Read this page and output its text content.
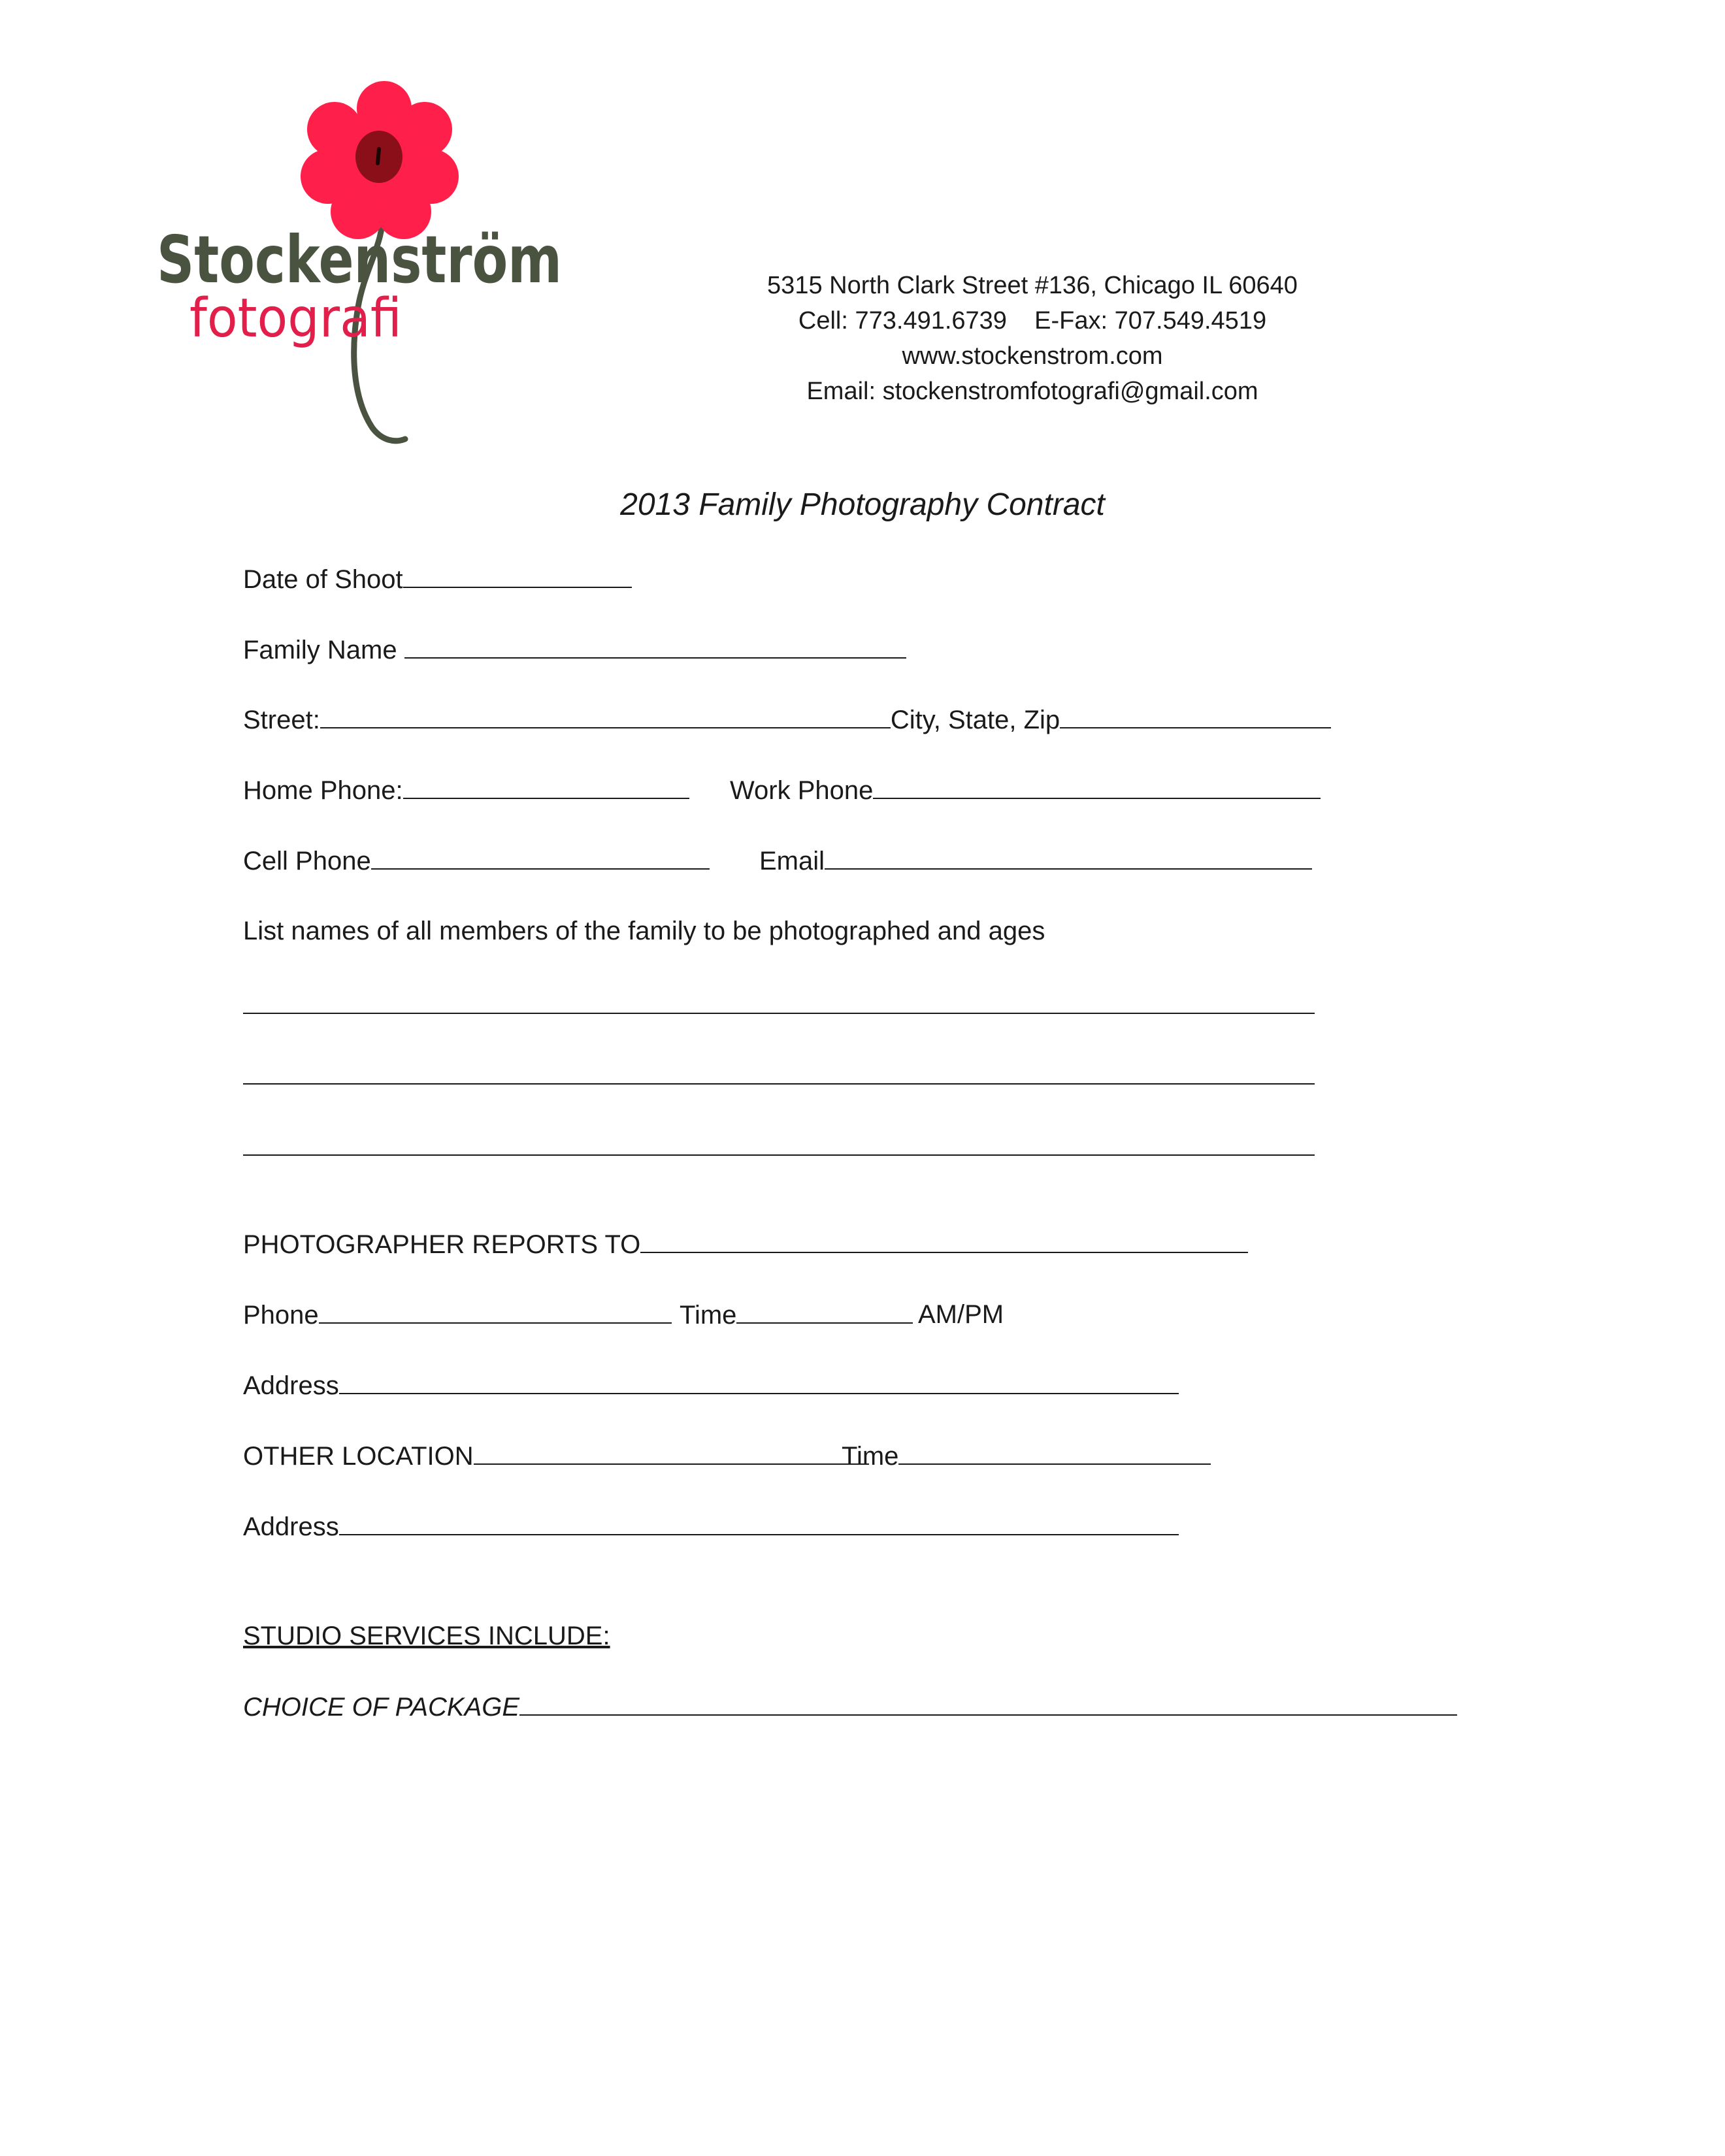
Stockenström
fotografi
5315 North Clark Street #136, Chicago IL 60640
Cell: 773.491.6739    E-Fax: 707.549.4519
www.stockenstrom.com
Email: stockenstromfotografi@gmail.com
2013 Family Photography Contract
Date of Shoot
Family Name
Street:	City, State, Zip
Home Phone:	Work Phone
Cell Phone	Email
List names of all members of the family to be photographed and ages
PHOTOGRAPHER REPORTS TO
Phone	Time	AM/PM
Address
OTHER LOCATION	Time
Address
STUDIO SERVICES INCLUDE:
CHOICE OF PACKAGE
